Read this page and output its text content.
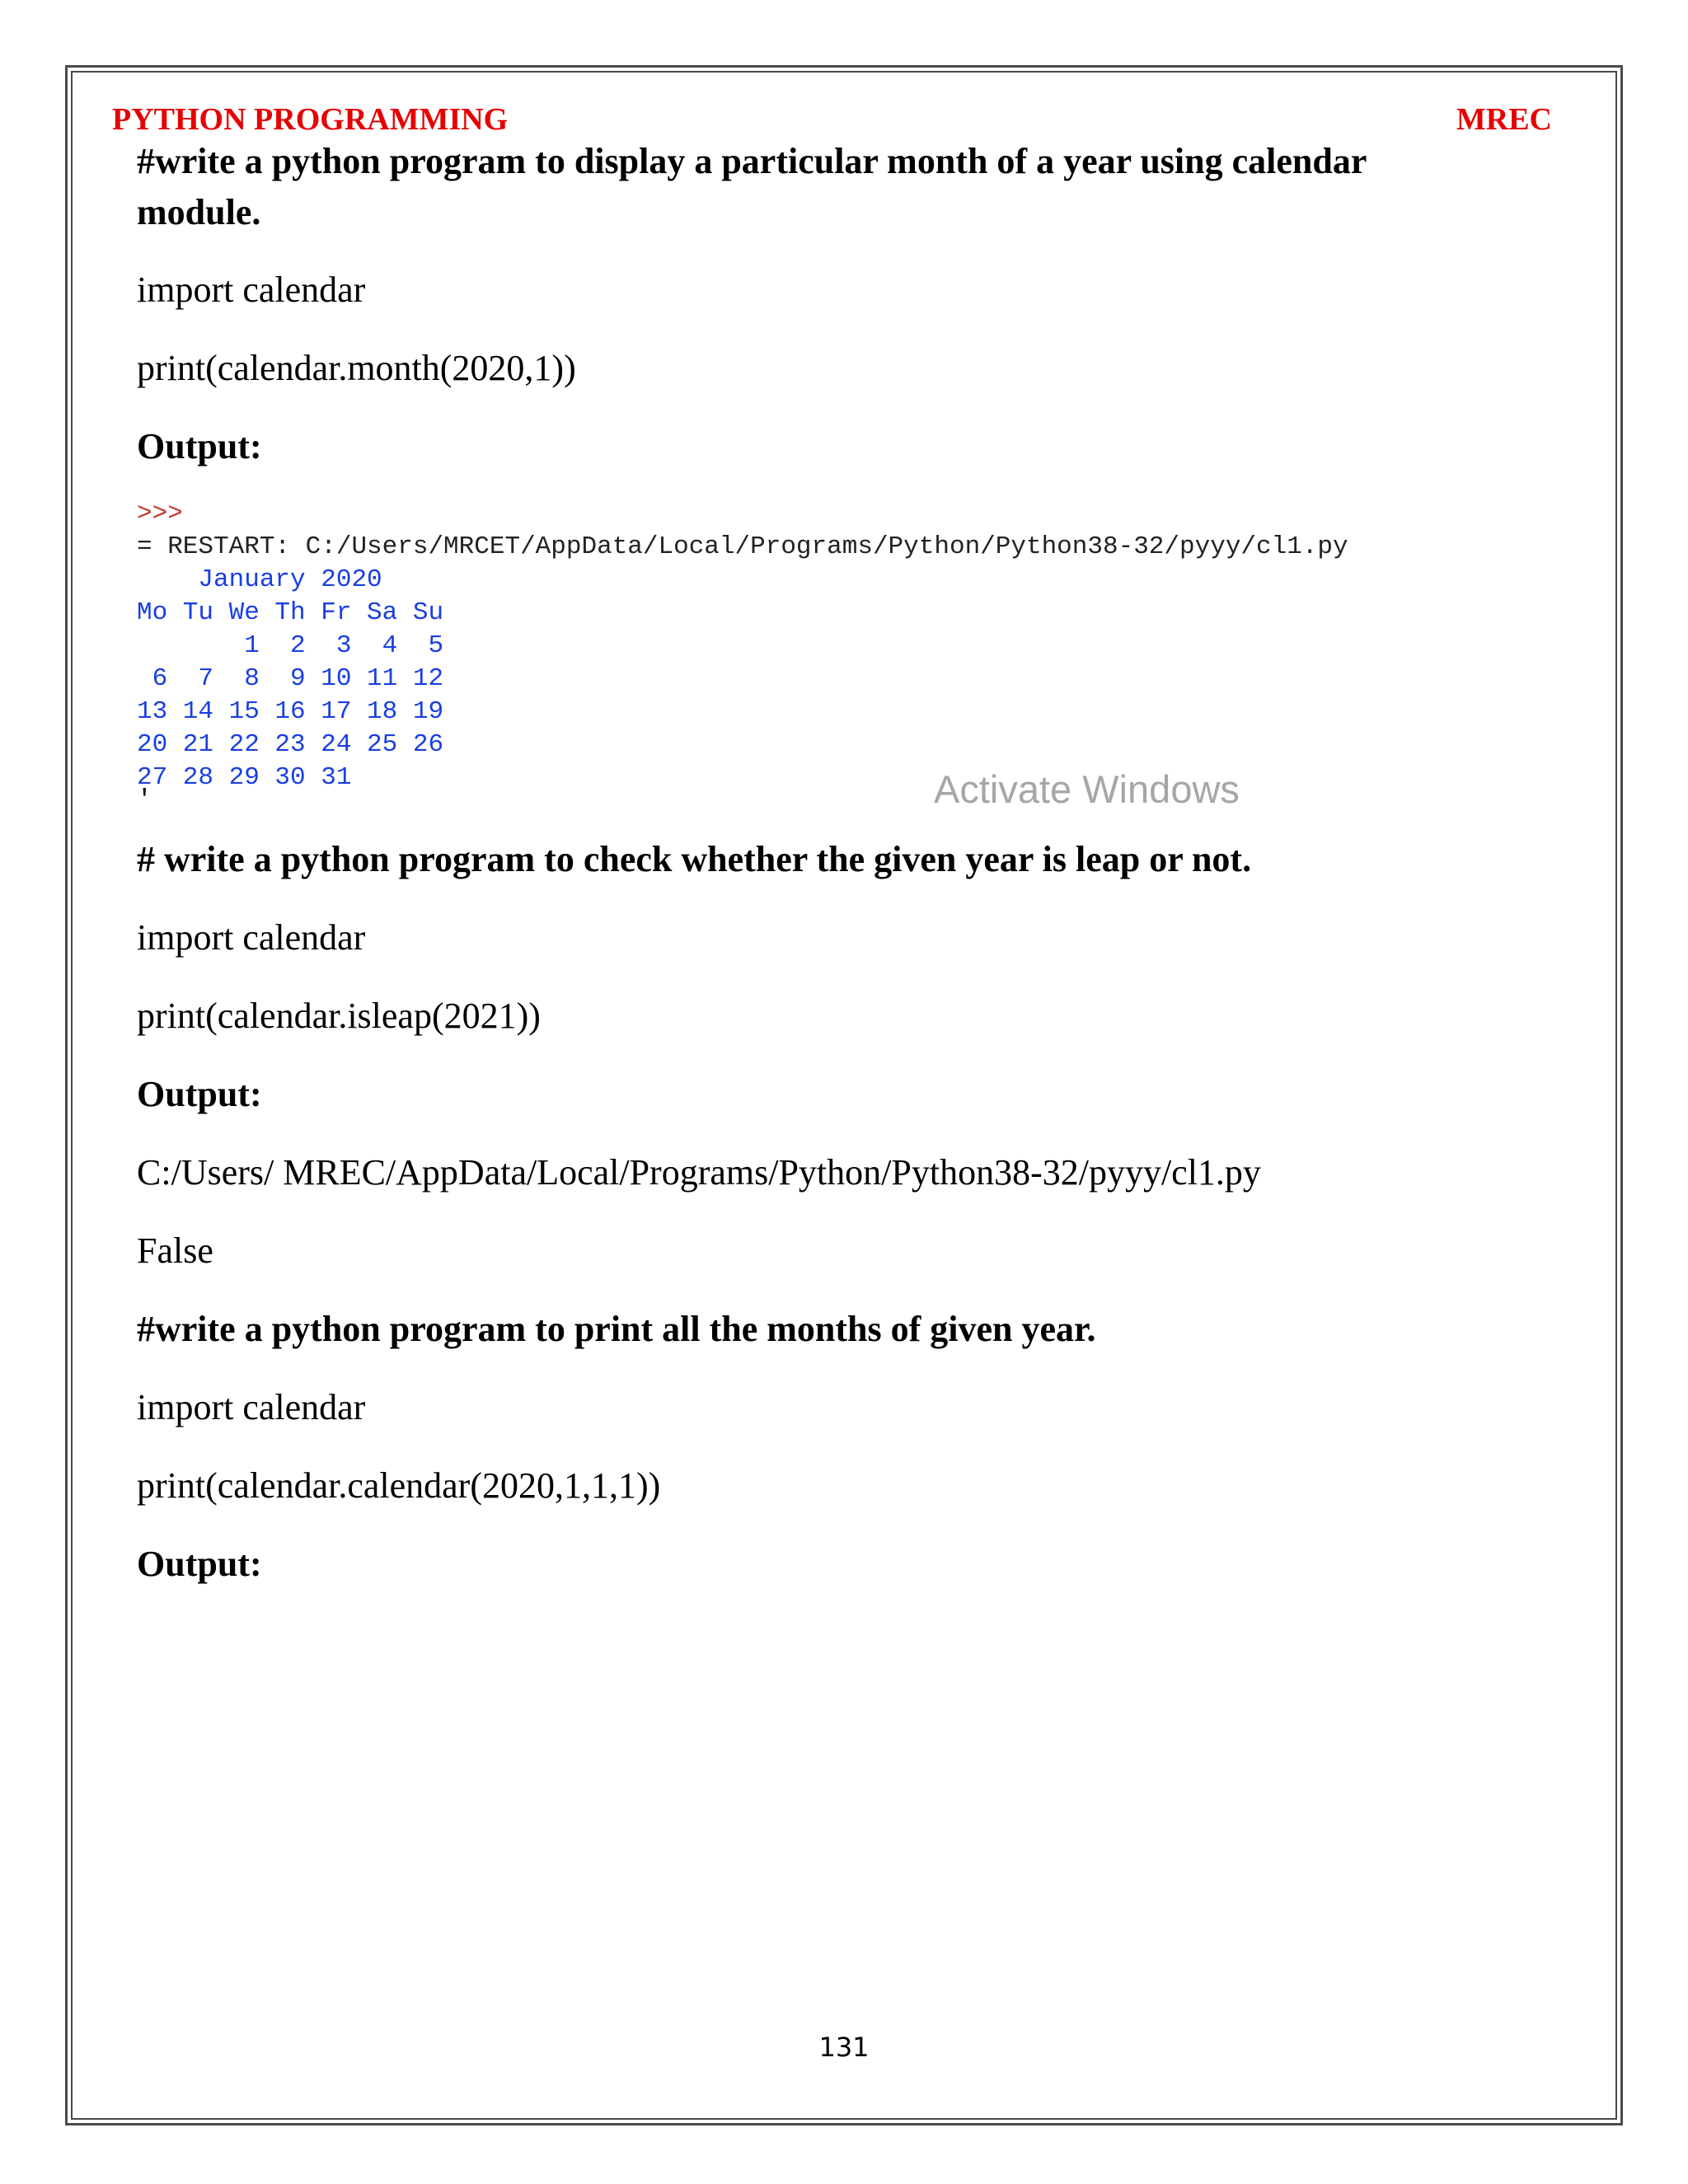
PYTHON PROGRAMMING	MREC
#write a python program to display a particular month of a year using calendar
module.
import calendar
print(calendar.month(2020,1))
Output:
>>>
= RESTART: C:/Users/MRCET/AppData/Local/Programs/Python/Python38-32/pyyy/cl1.py
January 2020
Mo Tu We Th Fr Sa Su
1  2  3  4  5
6  7  8  9 10 11 12
13 14 15 16 17 18 19
20 21 22 23 24 25 26
27 28 29 30 31
'	Activate Windows
# write a python program to check whether the given year is leap or not.
import calendar
print(calendar.isleap(2021))
Output:
C:/Users/ MREC/AppData/Local/Programs/Python/Python38-32/pyyy/cl1.py
False
#write a python program to print all the months of given year.
import calendar
print(calendar.calendar(2020,1,1,1))
Output:
131
